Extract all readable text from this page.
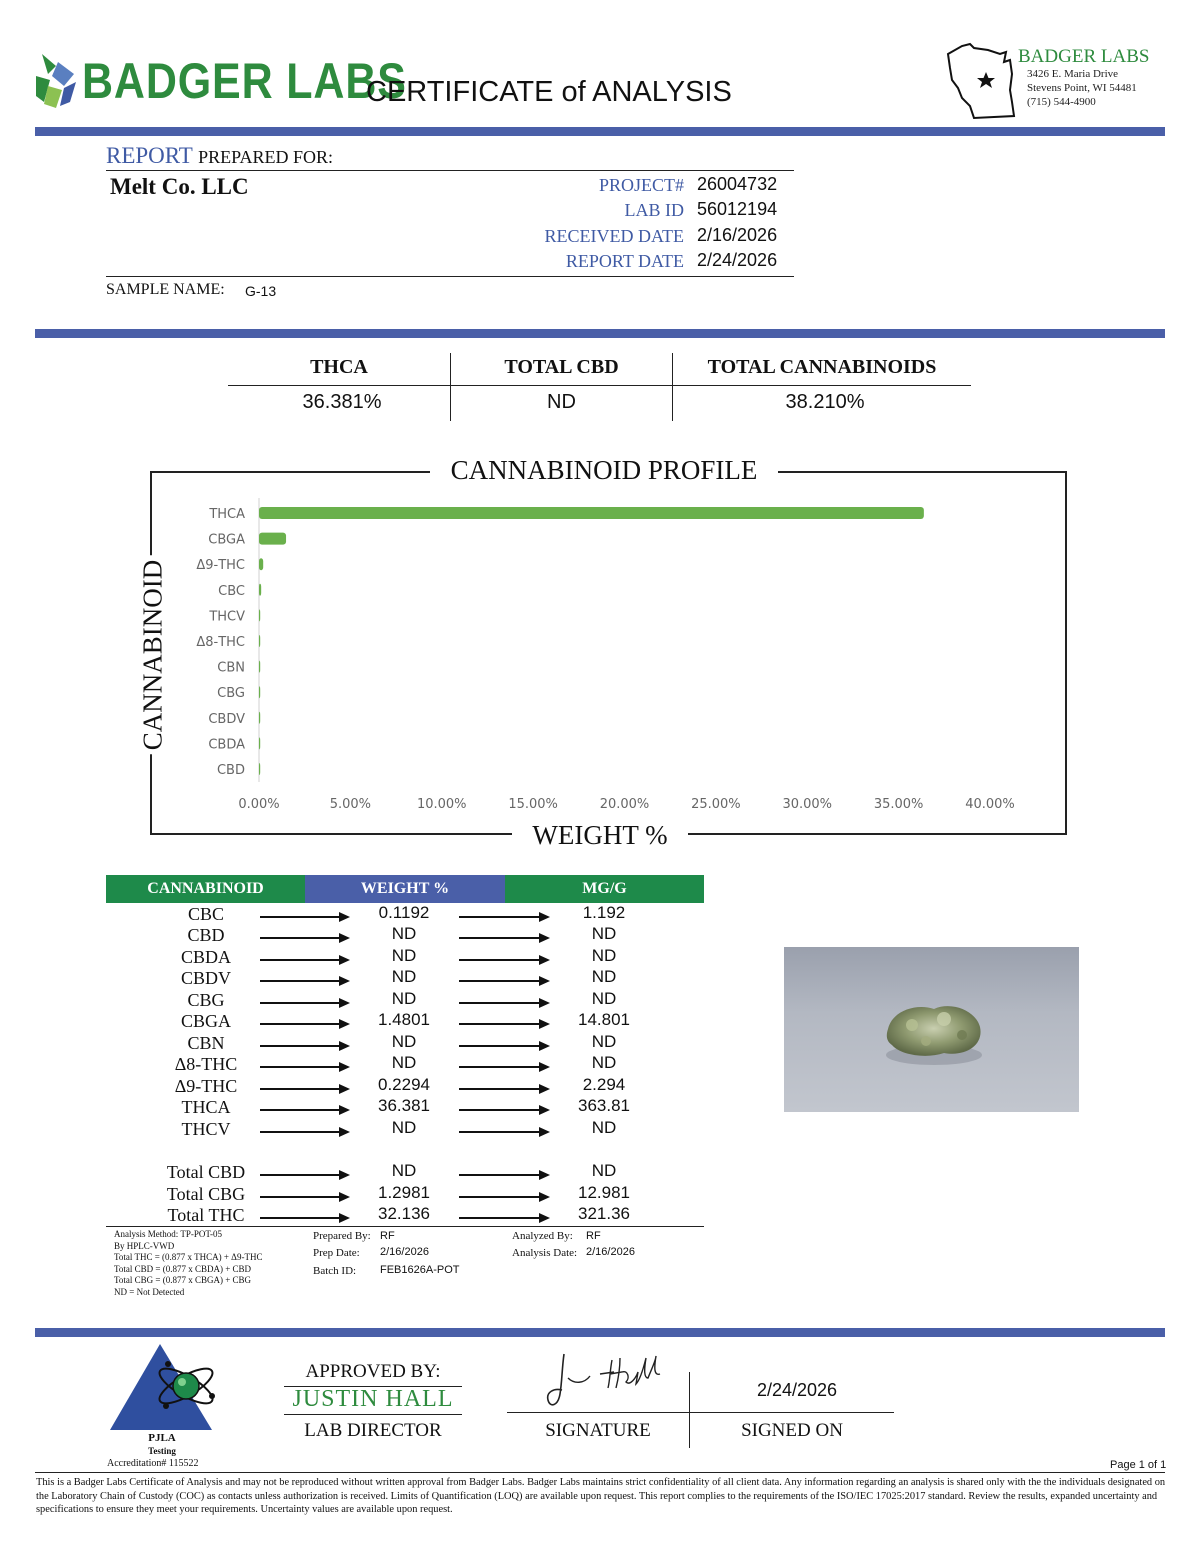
BADGER LABS
CERTIFICATE of ANALYSIS
BADGER LABS
3426 E. Maria Drive
Stevens Point, WI 54481
(715) 544-4900
REPORT PREPARED FOR:
Melt Co. LLC	PROJECT# 26004732
LAB ID 56012194
RECEIVED DATE 2/16/2026
REPORT DATE 2/24/2026
SAMPLE NAME: G-13
THCA	TOTAL CBD	TOTAL CANNABINOIDS
36.381%	ND	38.210%
CANNABINOID PROFILE
CANNABINOID
WEIGHT %
THCA
CBGA
Δ9-THC
CBC
THCV
Δ8-THC
CBN
CBG
CBDV
CBDA
CBD
0.00%	5.00%	10.00%	15.00%	20.00%	25.00%	30.00%	35.00%	40.00%
CANNABINOID	WEIGHT %	MG/G
CBC	0.1192	1.192
CBD	ND	ND
CBDA	ND	ND
CBDV	ND	ND
CBG	ND	ND
CBGA	1.4801	14.801
CBN	ND	ND
Δ8-THC	ND	ND
Δ9-THC	0.2294	2.294
THCA	36.381	363.81
THCV	ND	ND
Total CBD	ND	ND
Total CBG	1.2981	12.981
Total THC	32.136	321.36
Analysis Method: TP-POT-05
By HPLC-VWD
Total THC = (0.877 x THCA) + Δ9-THC
Total CBD = (0.877 x CBDA) + CBD
Total CBG = (0.877 x CBGA) + CBG
ND = Not Detected
Prepared By: RF
Prep Date: 2/16/2026
Batch ID: FEB1626A-POT
Analyzed By: RF
Analysis Date: 2/16/2026
PJLA
Testing
Accreditation# 115522
APPROVED BY:
JUSTIN HALL
LAB DIRECTOR
2/24/2026
SIGNATURE	SIGNED ON
Page 1 of 1
This is a Badger Labs Certificate of Analysis and may not be reproduced without written approval from Badger Labs. Badger Labs maintains strict confidentiality of all client data. Any information regarding an analysis is shared only with the the individuals designated on the Laboratory Chain of Custody (COC) as contacts unless authorization is received. Limits of Quantification (LOQ) are available upon request. This report complies to the requirements of the ISO/IEC 17025:2017 standard. Review the results, expanded uncertainty and specifications to ensure they meet your requirements. Uncertainty values are available upon request.
